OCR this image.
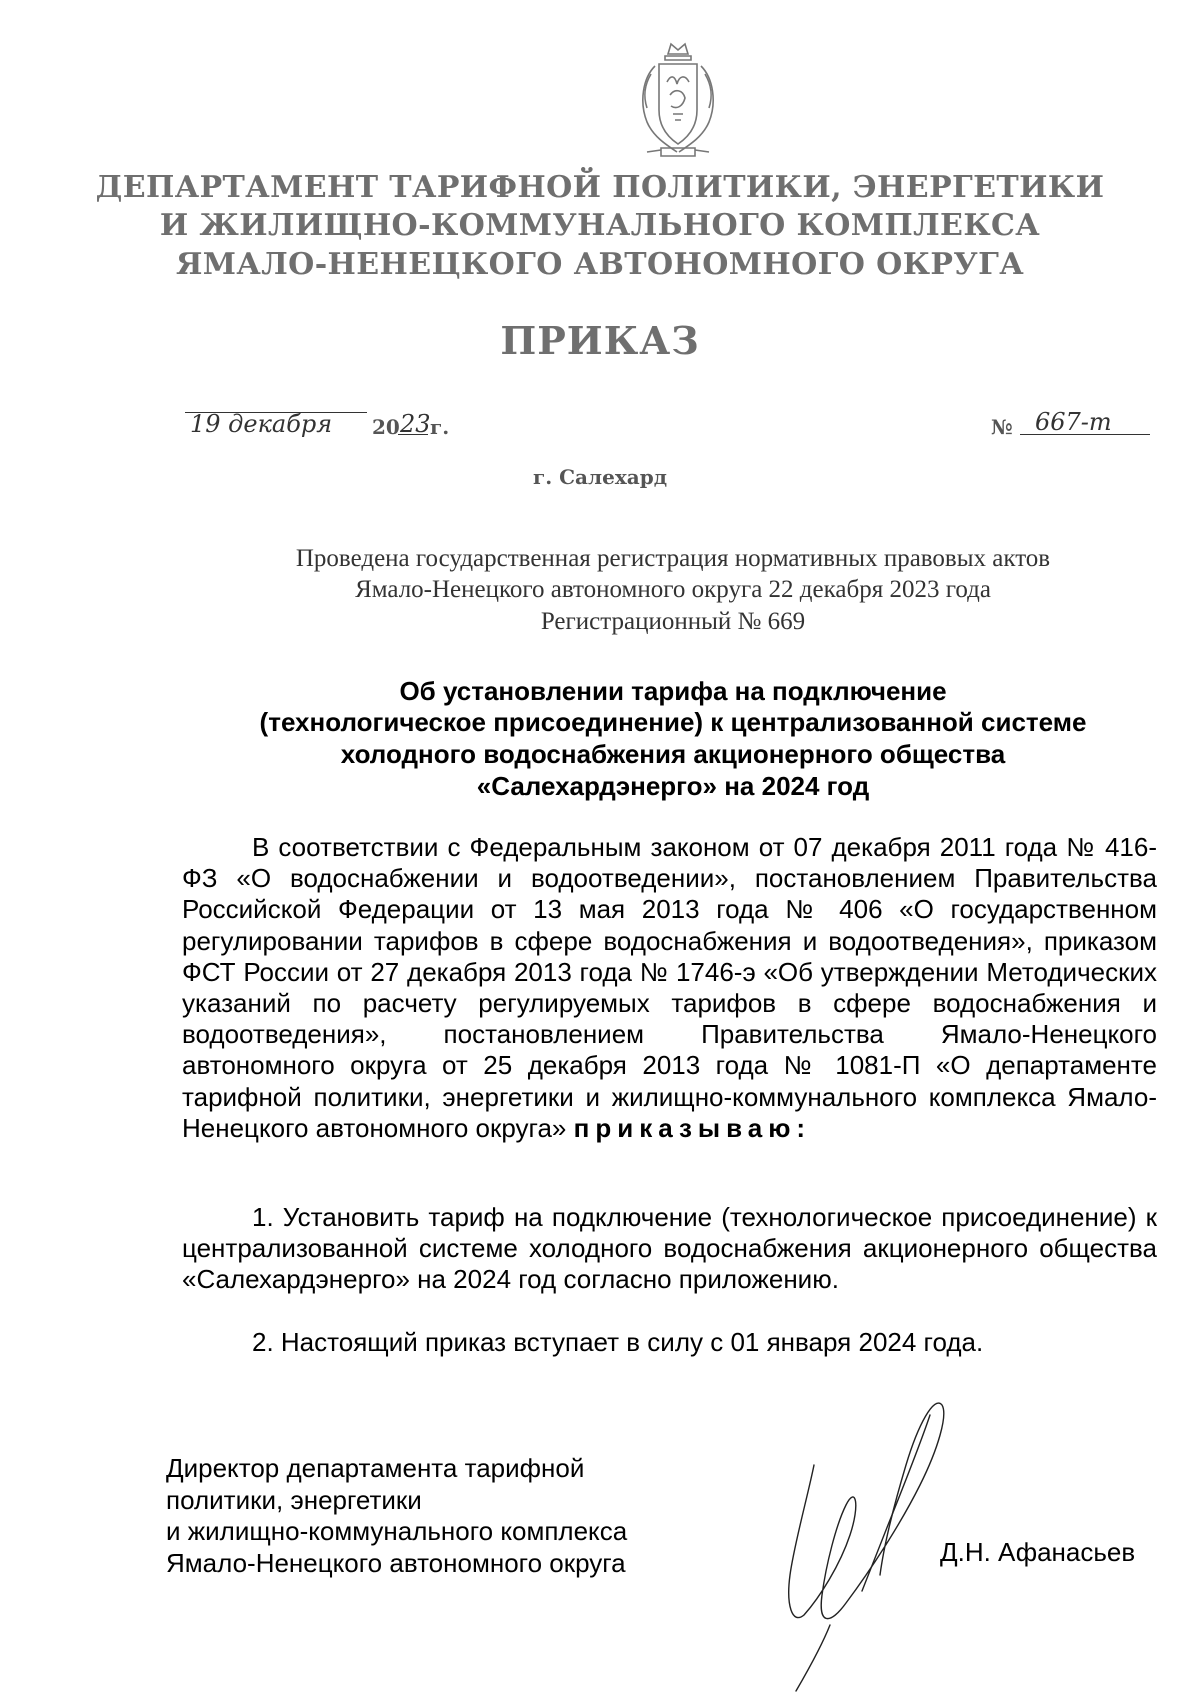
ДЕПАРТАМЕНТ ТАРИФНОЙ ПОЛИТИКИ, ЭНЕРГЕТИКИ
И ЖИЛИЩНО-КОММУНАЛЬНОГО КОМПЛЕКСА
ЯМАЛО-НЕНЕЦКОГО АВТОНОМНОГО ОКРУГА
ПРИКАЗ
19 декабря 20 23 г.	№ 667-т
г. Салехард
Проведена государственная регистрация нормативных правовых актов
Ямало-Ненецкого автономного округа 22 декабря 2023 года
Регистрационный № 669
Об установлении тарифа на подключение
(технологическое присоединение) к централизованной системе
холодного водоснабжения акционерного общества
«Салехардэнерго» на 2024 год

В соответствии с Федеральным законом от 07 декабря 2011 года № 416-ФЗ «О водоснабжении и водоотведении», постановлением Правительства Российской Федерации от 13 мая 2013 года № 406 «О государственном регулировании тарифов в сфере водоснабжения и водоотведения», приказом ФСТ России от 27 декабря 2013 года № 1746-э «Об утверждении Методических указаний по расчету регулируемых тарифов в сфере водоснабжения и водоотведения», постановлением Правительства Ямало-Ненецкого автономного округа от 25 декабря 2013 года № 1081-П «О департаменте тарифной политики, энергетики и жилищно-коммунального комплекса Ямало-Ненецкого автономного округа» приказываю:

1. Установить тариф на подключение (технологическое присоединение) к централизованной системе холодного водоснабжения акционерного общества «Салехардэнерго» на 2024 год согласно приложению.

2. Настоящий приказ вступает в силу с 01 января 2024 года.
Директор департамента тарифной
политики, энергетики
и жилищно-коммунального комплекса
Ямало-Ненецкого автономного округа	Д.Н. Афанасьев
